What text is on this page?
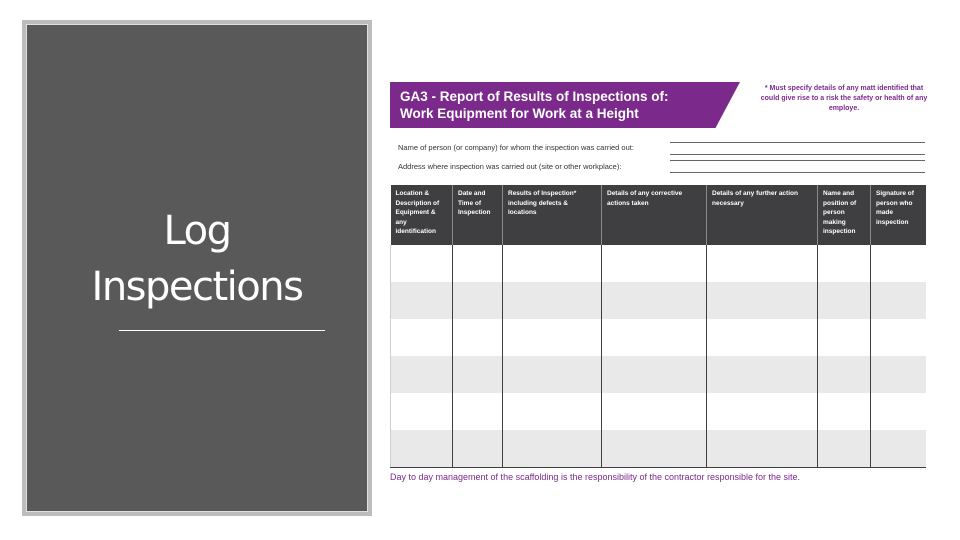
Log
Inspections
GA3 - Report of Results of Inspections of:
Work Equipment for Work at a Height
* Must specify details of any matt identified that could give rise to a risk the safety or health of any employe.
Name of person (or company) for whom the inspection was carried out:
Address where inspection was carried out (site or other workplace):
Location & Description of Equipment & any identification	Date and Time of Inspection	Results of Inspection* including defects & locations	Details of any corrective actions taken	Details of any further action necessary	Name and position of person making inspection	Signature of person who made inspection

Day to day management of the scaffolding is the responsibility of the contractor responsible for the site.
